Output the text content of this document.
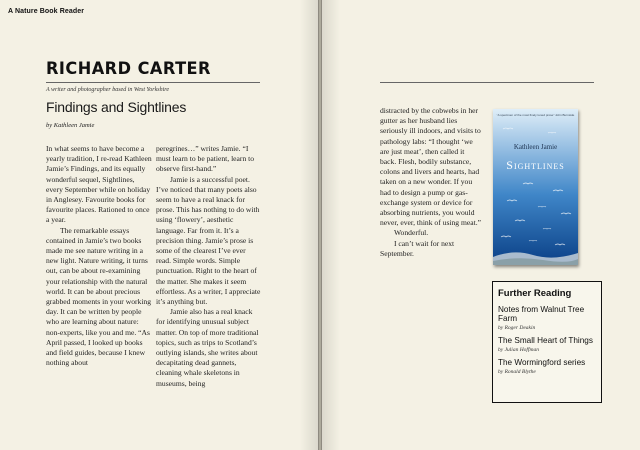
A Nature Book Reader
RICHARD CARTER
A writer and photographer based in West Yorkshire
Findings and Sightlines
by Kathleen Jamie

In what seems to have become a yearly tradition, I re-read Kathleen Jamie’s Findings, and its equally wonderful sequel, Sightlines, every September while on holiday in Anglesey. Favourite books for favourite places. Rationed to once a year.

The remarkable essays contained in Jamie’s two books made me see nature writing in a new light. Nature writing, it turns out, can be about re-examining your relationship with the natural world. It can be about precious grabbed moments in your working day. It can be written by people who are learning about nature: non-experts, like you and me. “As April passed, I looked up books and field guides, because I knew nothing about

peregrines…” writes Jamie. “I must learn to be patient, learn to observe first-hand.”

Jamie is a successful poet. I’ve noticed that many poets also seem to have a real knack for prose. This has nothing to do with using ‘flowery’, aesthetic language. Far from it. It’s a precision thing. Jamie’s prose is some of the clearest I’ve ever read. Simple words. Simple punctuation. Right to the heart of the matter. She makes it seem effortless. As a writer, I appreciate it’s anything but.

Jamie also has a real knack for identifying unusual subject matter. On top of more traditional topics, such as trips to Scotland’s outlying islands, she writes about decapitating dead gannets, cleaning whale skeletons in museums, being

distracted by the cobwebs in her gutter as her husband lies seriously ill indoors, and visits to pathology labs: “I thought ‘we are just meat’, then called it back. Flesh, bodily substance, colons and livers and hearts, had taken on a new wonder. If you had to design a pump or gas-exchange system or device for absorbing nutrients, you would never, ever, think of using meat.”

Wonderful.

I can’t wait for next September.

“A specimen of the most finely tuned prose” John Burnside
Kathleen Jamie
Sightlines
Further Reading
Notes from Walnut Tree Farm
by Roger Deakin
The Small Heart of Things
by Julian Hoffman
The Wormingford series
by Ronald Blythe
